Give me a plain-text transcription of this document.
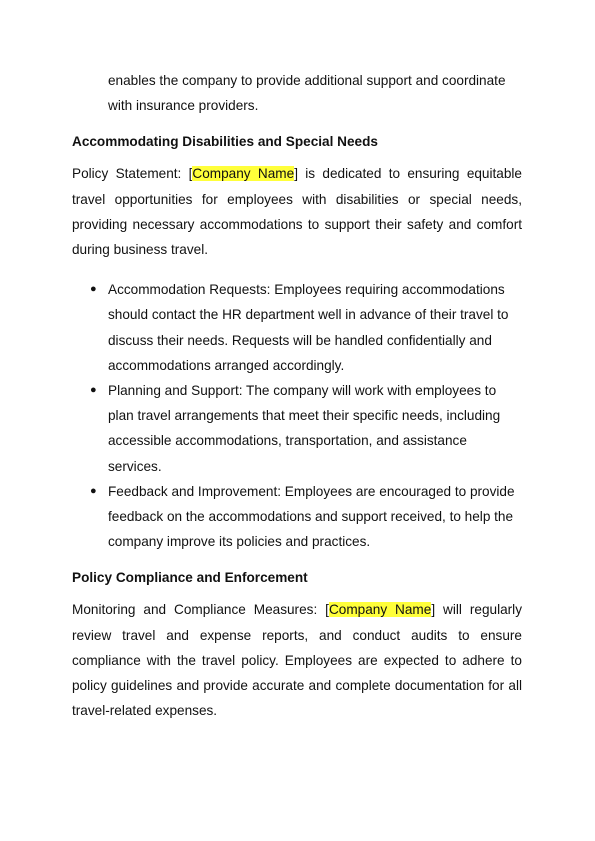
enables the company to provide additional support and coordinate with insurance providers.

Accommodating Disabilities and Special Needs

Policy Statement: [Company Name] is dedicated to ensuring equitable travel opportunities for employees with disabilities or special needs, providing necessary accommodations to support their safety and comfort during business travel.

● Accommodation Requests: Employees requiring accommodations should contact the HR department well in advance of their travel to discuss their needs. Requests will be handled confidentially and accommodations arranged accordingly.
● Planning and Support: The company will work with employees to plan travel arrangements that meet their specific needs, including accessible accommodations, transportation, and assistance services.
● Feedback and Improvement: Employees are encouraged to provide feedback on the accommodations and support received, to help the company improve its policies and practices.
Policy Compliance and Enforcement

Monitoring and Compliance Measures: [Company Name] will regularly review travel and expense reports, and conduct audits to ensure compliance with the travel policy. Employees are expected to adhere to policy guidelines and provide accurate and complete documentation for all travel-related expenses.
